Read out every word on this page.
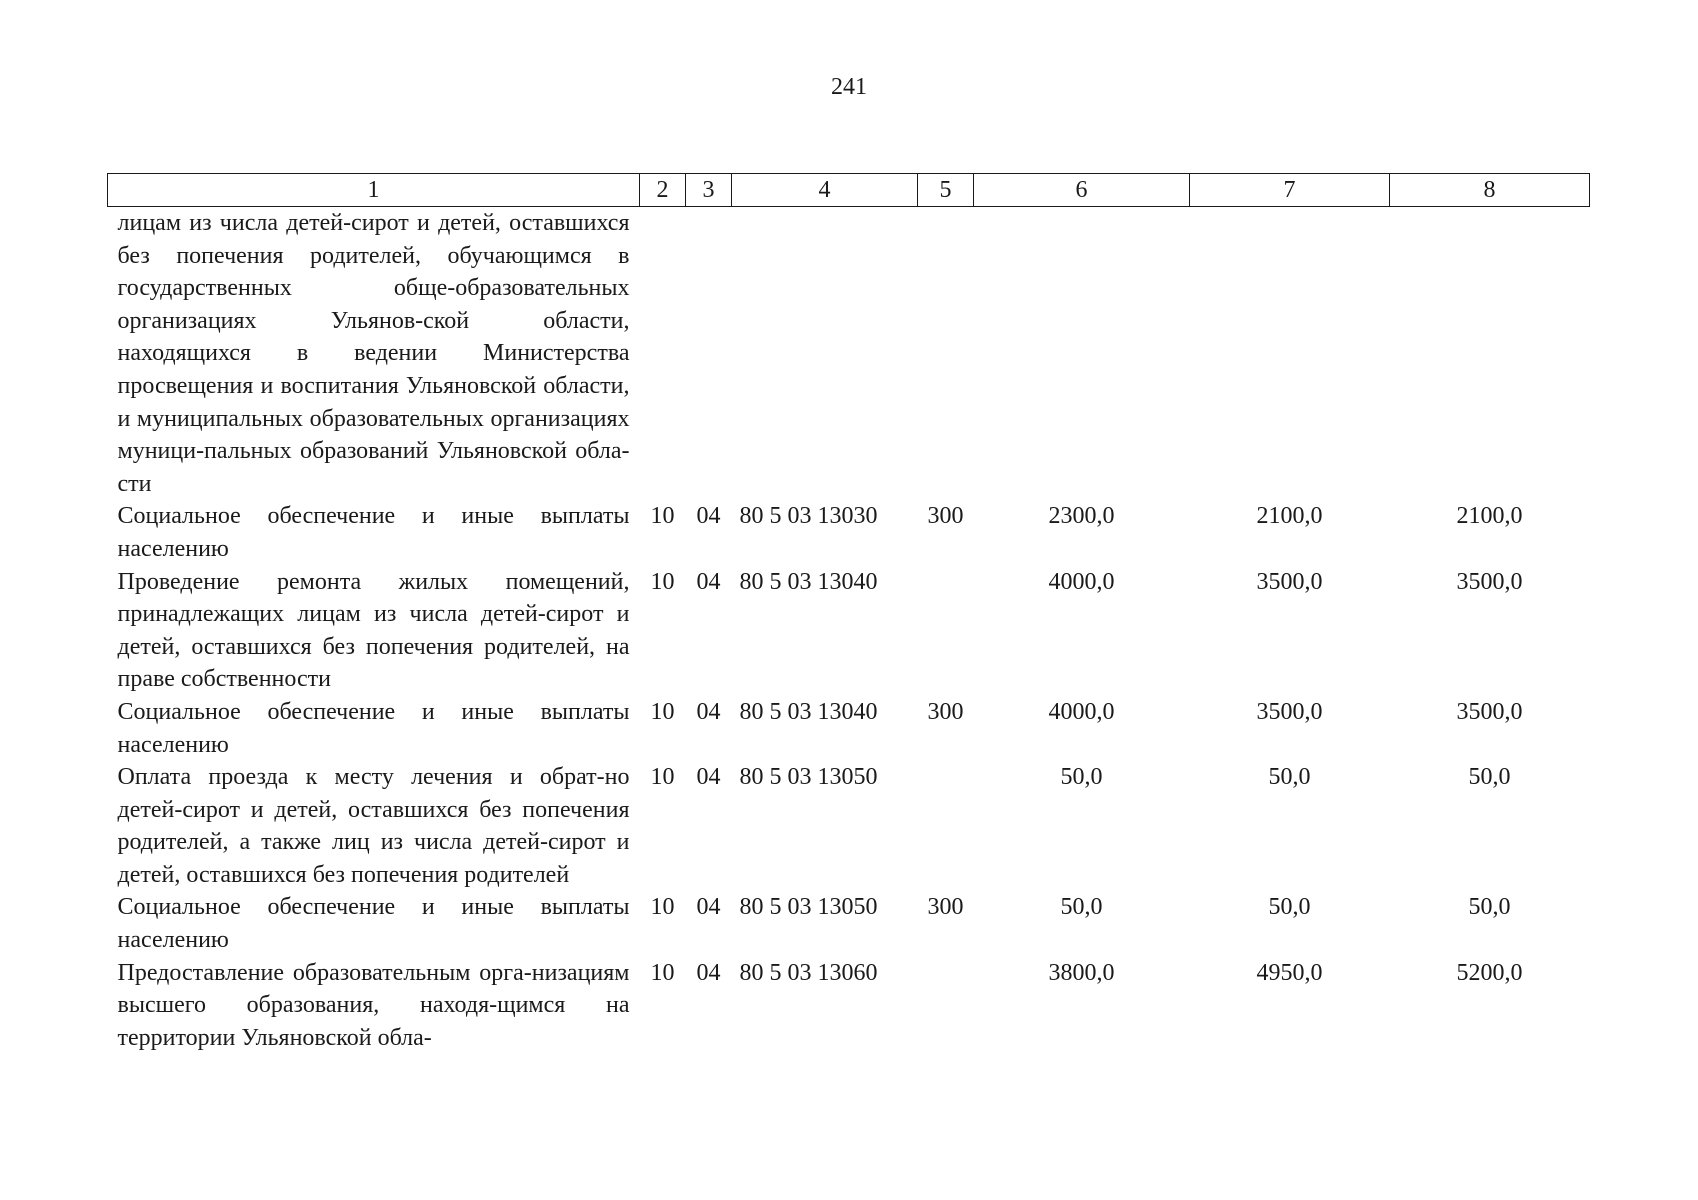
241
1	2	3	4	5	6	7	8
лицам из числа детей-сирот и детей, оставшихся без попечения родителей, обучающимся в государственных обще-образовательных организациях Ульянов-ской области, находящихся в ведении Министерства просвещения и воспитания Ульяновской области, и муниципальных образовательных организациях муници-пальных образований Ульяновской обла-сти							
Социальное обеспечение и иные выплаты населению	10	04	80 5 03 13030	300	2300,0	2100,0	2100,0
Проведение ремонта жилых помещений, принадлежащих лицам из числа детей-сирот и детей, оставшихся без попечения родителей, на праве собственности	10	04	80 5 03 13040		4000,0	3500,0	3500,0
Социальное обеспечение и иные выплаты населению	10	04	80 5 03 13040	300	4000,0	3500,0	3500,0
Оплата проезда к месту лечения и обрат-но детей-сирот и детей, оставшихся без попечения родителей, а также лиц из числа детей-сирот и детей, оставшихся без попечения родителей	10	04	80 5 03 13050		50,0	50,0	50,0
Социальное обеспечение и иные выплаты населению	10	04	80 5 03 13050	300	50,0	50,0	50,0
Предоставление образовательным орга-низациям высшего образования, находя-щимся на территории Ульяновской обла-	10	04	80 5 03 13060		3800,0	4950,0	5200,0
